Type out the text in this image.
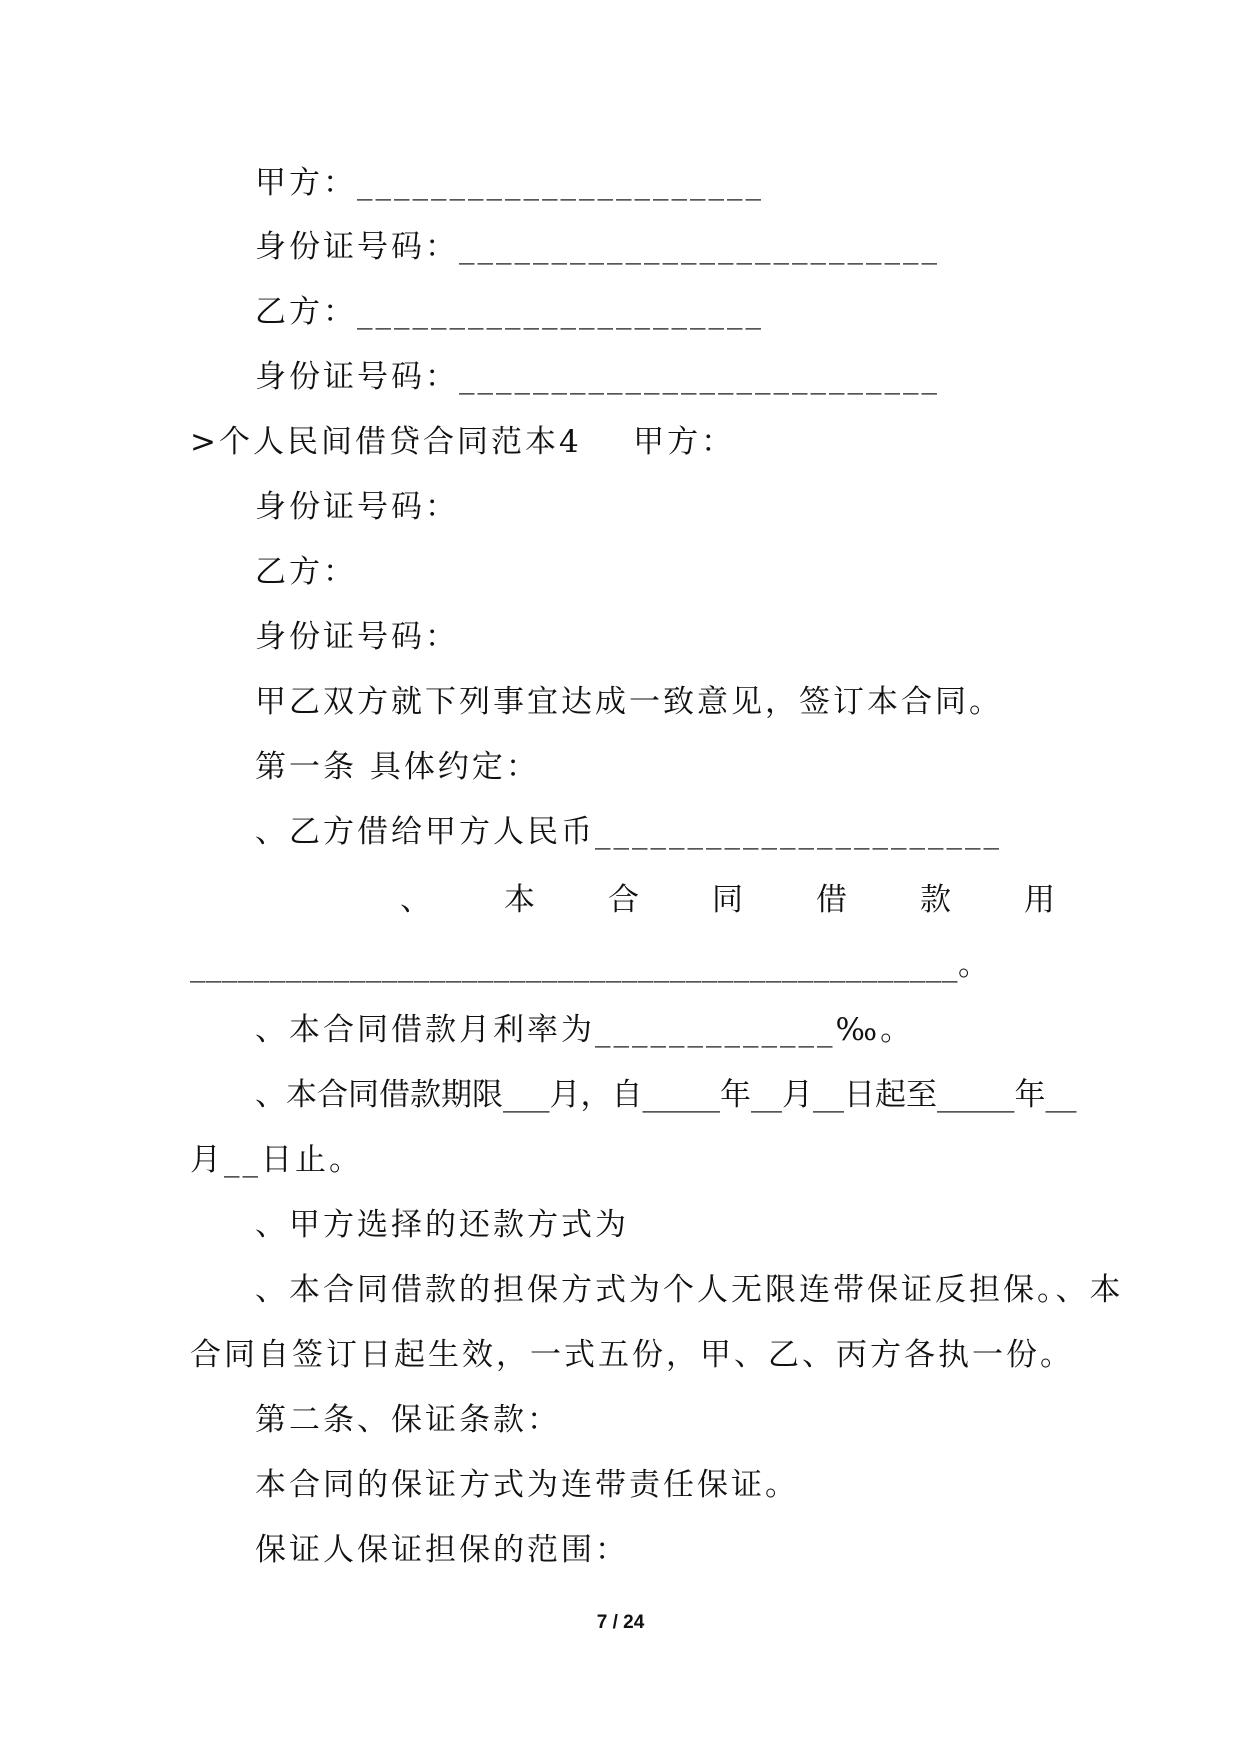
甲方：______________________
身份证号码：__________________________
乙方：______________________
身份证号码：__________________________
>个人民间借贷合同范本4    甲方：
身份证号码：
乙方：
身份证号码：
甲乙双方就下列事宜达成一致意见，签订本合同。
第一条 具体约定：
、乙方借给甲方人民币______________________
、 本 合 同 借 款 用
________________________________________________。
、本合同借款月利率为_____________‰。
、本合同借款期限___月，自_____年__月__日起至_____年__
月__日止。
、甲方选择的还款方式为
、本合同借款的担保方式为个人无限连带保证反担保。、本
合同自签订日起生效，一式五份，甲、乙、丙方各执一份。
第二条、保证条款：
本合同的保证方式为连带责任保证。
保证人保证担保的范围：
7 / 24
